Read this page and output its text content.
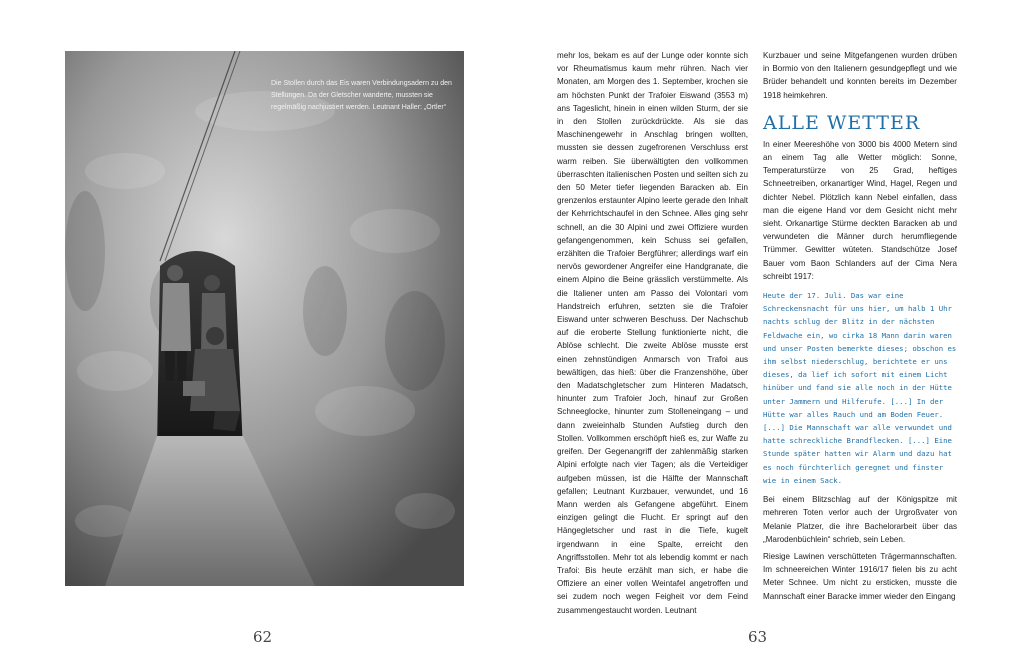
Die Stollen durch das Eis waren Verbindungsadern zu den Stellungen. Da der Gletscher wanderte, mussten sie regelmäßig nachjustiert werden. Leutnant Haller: „Ortler“
62

mehr los, bekam es auf der Lunge oder konnte sich vor Rheumatismus kaum mehr rühren. Nach vier Monaten, am Morgen des 1. September, krochen sie am höchsten Punkt der Trafoier Eiswand (3553 m) ans Tageslicht, hinein in einen wilden Sturm, der sie in den Stollen zurückdrückte. Als sie das Maschinengewehr in Anschlag bringen wollten, mussten sie dessen zugefrorenen Verschluss erst warm reiben. Sie überwältigten den vollkommen überraschten italienischen Posten und seilten sich zu den 50 Meter tiefer liegenden Baracken ab. Ein grenzenlos erstaunter Alpino leerte gerade den Inhalt der Kehrrichtschaufel in den Schnee. Alles ging sehr schnell, an die 30 Alpini und zwei Offiziere wurden gefangengenommen, kein Schuss sei gefallen, erzählten die Trafoier Bergführer; allerdings warf ein nervös gewordener Angreifer eine Handgranate, die einem Alpino die Beine grässlich verstümmelte. Als die Italiener unten am Passo dei Volontari vom Handstreich erfuhren, setzten sie die Trafoier Eiswand unter schweren Beschuss. Der Nachschub auf die eroberte Stellung funktionierte nicht, die Ablöse schlecht. Die zweite Ablöse musste erst einen zehnstündigen Anmarsch von Trafoi aus bewältigen, das hieß: über die Franzenshöhe, über den Madatschgletscher zum Hinteren Madatsch, hinunter zum Trafoier Joch, hinauf zur Großen Schneeglocke, hinunter zum Stolleneingang – und dann zweieinhalb Stunden Aufstieg durch den Stollen. Vollkommen erschöpft hieß es, zur Waffe zu greifen. Der Gegenangriff der zahlenmäßig starken Alpini erfolgte nach vier Tagen; als die Verteidiger aufgeben müssen, ist die Hälfte der Mannschaft gefallen; Leutnant Kurzbauer, verwundet, und 16 Mann werden als Gefangene abgeführt. Einem einzigen gelingt die Flucht. Er springt auf den Hängegletscher und rast in die Tiefe, kugelt irgendwann in eine Spalte, erreicht den Angriffsstollen. Mehr tot als lebendig kommt er nach Trafoi: Bis heute erzählt man sich, er habe die Offiziere an einer vollen Weintafel angetroffen und sei zudem noch wegen Feigheit vor dem Feind zusammengestaucht worden. Leutnant

Kurzbauer und seine Mitgefangenen wurden drüben in Bormio von den Italienern gesundgepflegt und wie Brüder behandelt und konnten bereits im Dezember 1918 heimkehren.

ALLE WETTER

In einer Meereshöhe von 3000 bis 4000 Metern sind an einem Tag alle Wetter möglich: Sonne, Temperaturstürze von 25 Grad, heftiges Schneetreiben, orkanartiger Wind, Hagel, Regen und dichter Nebel. Plötzlich kann Nebel einfallen, dass man die eigene Hand vor dem Gesicht nicht mehr sieht. Orkanartige Stürme deckten Baracken ab und verwundeten die Männer durch herumfliegende Trümmer. Gewitter wüteten. Standschütze Josef Bauer vom Baon Schlanders auf der Cima Nera schreibt 1917:

Heute der 17. Juli. Das war eine Schreckensnacht für uns hier, um halb 1 Uhr nachts schlug der Blitz in der nächsten Feldwache ein, wo cirka 18 Mann darin waren und unser Posten bemerkte dieses; obschon es ihm selbst niederschlug, berichtete er uns dieses, da lief ich sofort mit einem Licht hinüber und fand sie alle noch in der Hütte unter Jammern und Hilferufe. [...] In der Hütte war alles Rauch und am Boden Feuer. [...] Die Mannschaft war alle verwundet und hatte schreckliche Brandflecken. [...] Eine Stunde später hatten wir Alarm und dazu hat es noch fürchterlich geregnet und finster wie in einem Sack.

Bei einem Blitzschlag auf der Königspitze mit mehreren Toten verlor auch der Urgroßvater von Melanie Platzer, die ihre Bachelorarbeit über das „Marodenbüchlein“ schrieb, sein Leben.

Riesige Lawinen verschütteten Trägermannschaften. Im schneereichen Winter 1916/17 fielen bis zu acht Meter Schnee. Um nicht zu ersticken, musste die Mannschaft einer Baracke immer wieder den Eingang

63
